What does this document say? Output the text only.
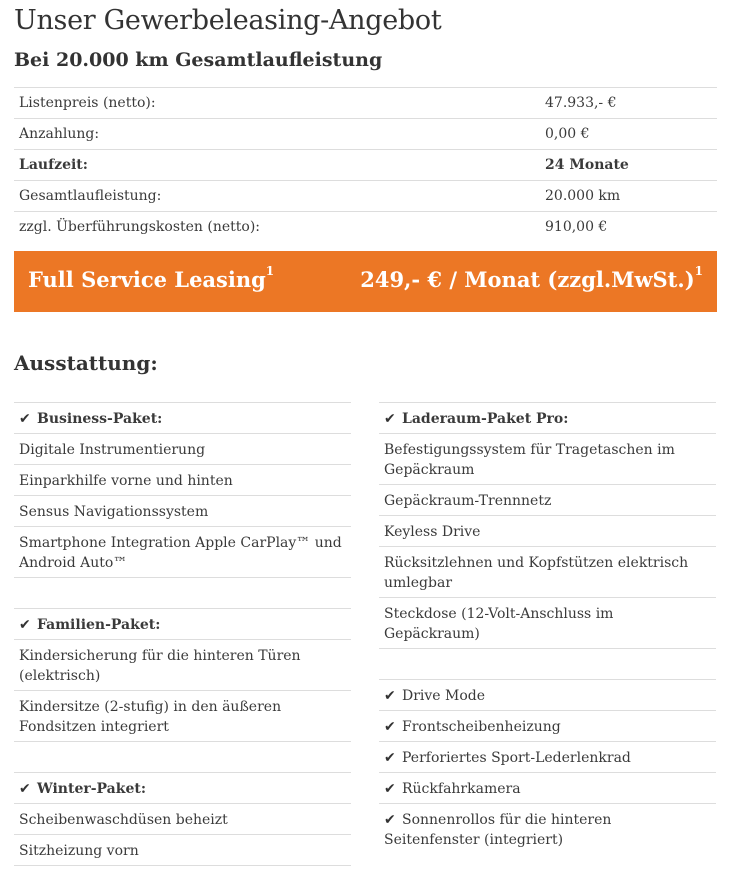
Unser Gewerbeleasing-Angebot
Bei 20.000 km Gesamtlaufleistung
Listenpreis (netto):	47.933,- €
Anzahlung:	0,00 €
Laufzeit:	24 Monate
Gesamtlaufleistung:	20.000 km
zzgl. Überführungskosten (netto):	910,00 €
Full Service Leasing$^1$	249,- € / Monat (zzgl.MwSt.)$^1$
Ausstattung:
✔ Business-Paket:
Digitale Instrumentierung
Einparkhilfe vorne und hinten
Sensus Navigationssystem
Smartphone Integration Apple CarPlay™ und Android Auto™
✔ Familien-Paket:
Kindersicherung für die hinteren Türen (elektrisch)
Kindersitze (2-stufig) in den äußeren Fondsitzen integriert
✔ Winter-Paket:
Scheibenwaschdüsen beheizt
Sitzheizung vorn
✔ Laderaum-Paket Pro:
Befestigungssystem für Tragetaschen im Gepäckraum
Gepäckraum-Trennnetz
Keyless Drive
Rücksitzlehnen und Kopfstützen elektrisch umlegbar
Steckdose (12-Volt-Anschluss im Gepäckraum)
✔ Drive Mode
✔ Frontscheibenheizung
✔ Perforiertes Sport-Lederlenkrad
✔ Rückfahrkamera
✔ Sonnenrollos für die hinteren Seitenfenster (integriert)
